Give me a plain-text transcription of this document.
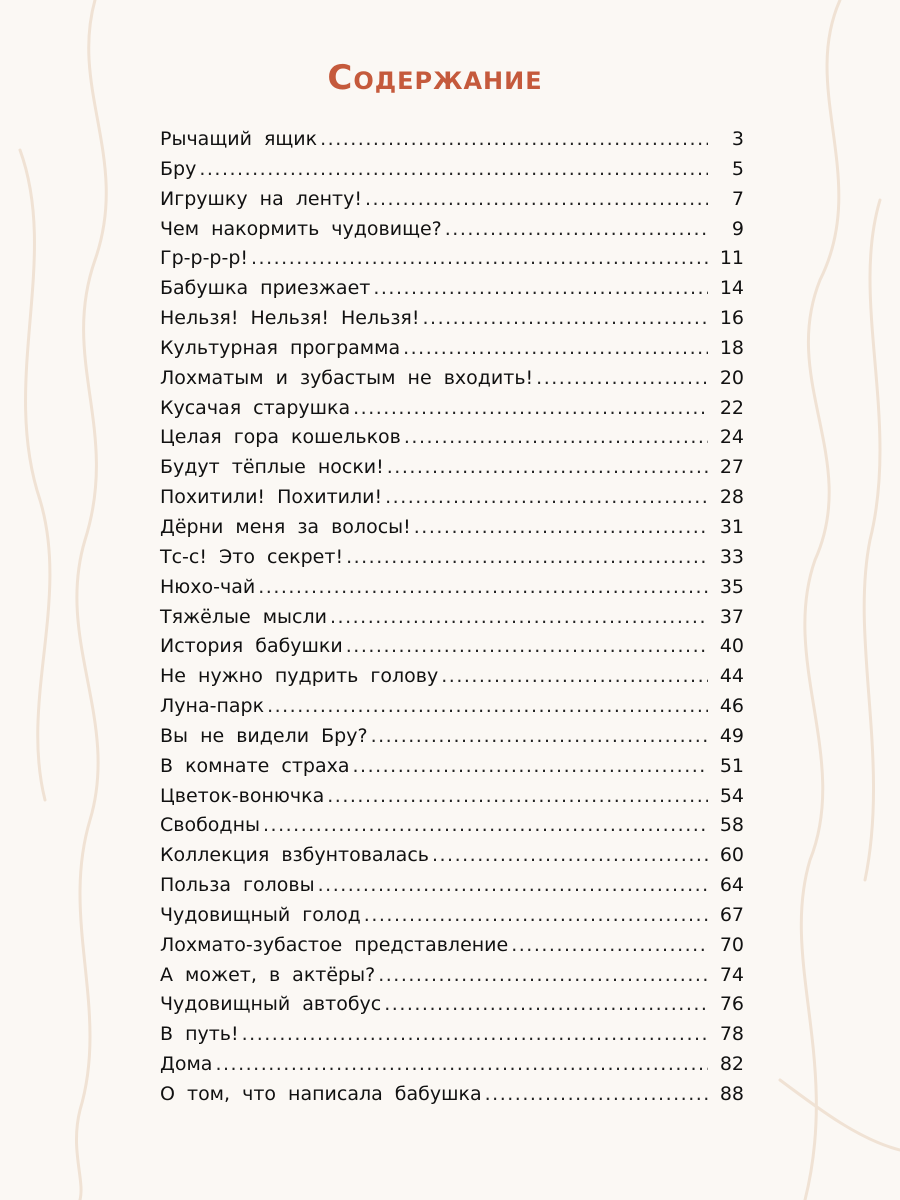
Содержание
Рычащий ящик .....	3
Бру .....	5
Игрушку на ленту! .....	7
Чем накормить чудовище? .....	9
Гр-р-р-р! .....	11
Бабушка приезжает .....	14
Нельзя! Нельзя! Нельзя! .....	16
Культурная программа .....	18
Лохматым и зубастым не входить! .....	20
Кусачая старушка .....	22
Целая гора кошельков .....	24
Будут тёплые носки! .....	27
Похитили! Похитили! .....	28
Дёрни меня за волосы! .....	31
Тс-с! Это секрет! .....	33
Нюхо-чай .....	35
Тяжёлые мысли .....	37
История бабушки .....	40
Не нужно пудрить голову .....	44
Луна-парк .....	46
Вы не видели Бру? .....	49
В комнате страха .....	51
Цветок-вонючка .....	54
Свободны .....	58
Коллекция взбунтовалась .....	60
Польза головы .....	64
Чудовищный голод .....	67
Лохмато-зубастое представление .....	70
А может, в актёры? .....	74
Чудовищный автобус .....	76
В путь! .....	78
Дома .....	82
О том, что написала бабушка .....	88
